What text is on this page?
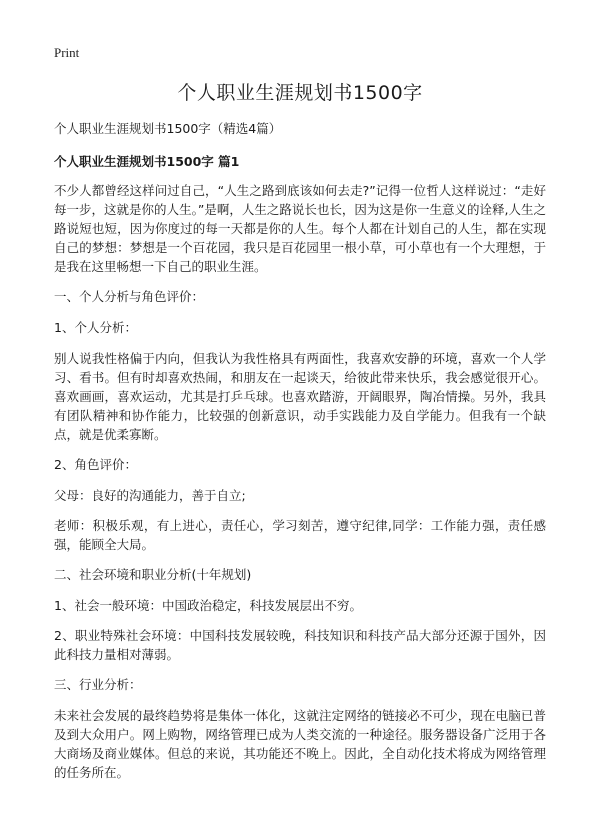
Print
个人职业生涯规划书1500字

个人职业生涯规划书1500字（精选4篇）

个人职业生涯规划书1500字 篇1

不少人都曾经这样问过自己，“人生之路到底该如何去走?”记得一位哲人这样说过：“走好每一步，这就是你的人生。”是啊，人生之路说长也长，因为这是你一生意义的诠释,人生之路说短也短，因为你度过的每一天都是你的人生。每个人都在计划自己的人生，都在实现自己的梦想：梦想是一个百花园，我只是百花园里一根小草，可小草也有一个大理想，于是我在这里畅想一下自己的职业生涯。

一、个人分析与角色评价：

1、个人分析：

别人说我性格偏于内向，但我认为我性格具有两面性，我喜欢安静的环境，喜欢一个人学习、看书。但有时却喜欢热闹，和朋友在一起谈天，给彼此带来快乐，我会感觉很开心。喜欢画画，喜欢运动，尤其是打乒乓球。也喜欢踏游，开阔眼界，陶冶情操。另外，我具有团队精神和协作能力，比较强的创新意识，动手实践能力及自学能力。但我有一个缺点，就是优柔寡断。

2、角色评价：

父母：良好的沟通能力，善于自立;

老师：积极乐观，有上进心，责任心，学习刻苦，遵守纪律,同学：工作能力强，责任感强，能顾全大局。

二、社会环境和职业分析(十年规划)

1、社会一般环境：中国政治稳定，科技发展层出不穷。

2、职业特殊社会环境：中国科技发展较晚，科技知识和科技产品大部分还源于国外，因此科技力量相对薄弱。

三、行业分析：

未来社会发展的最终趋势将是集体一体化，这就注定网络的链接必不可少，现在电脑已普及到大众用户。网上购物，网络管理已成为人类交流的一种途径。服务器设备广泛用于各大商场及商业媒体。但总的来说，其功能还不晚上。因此，全自动化技术将成为网络管理的任务所在。
